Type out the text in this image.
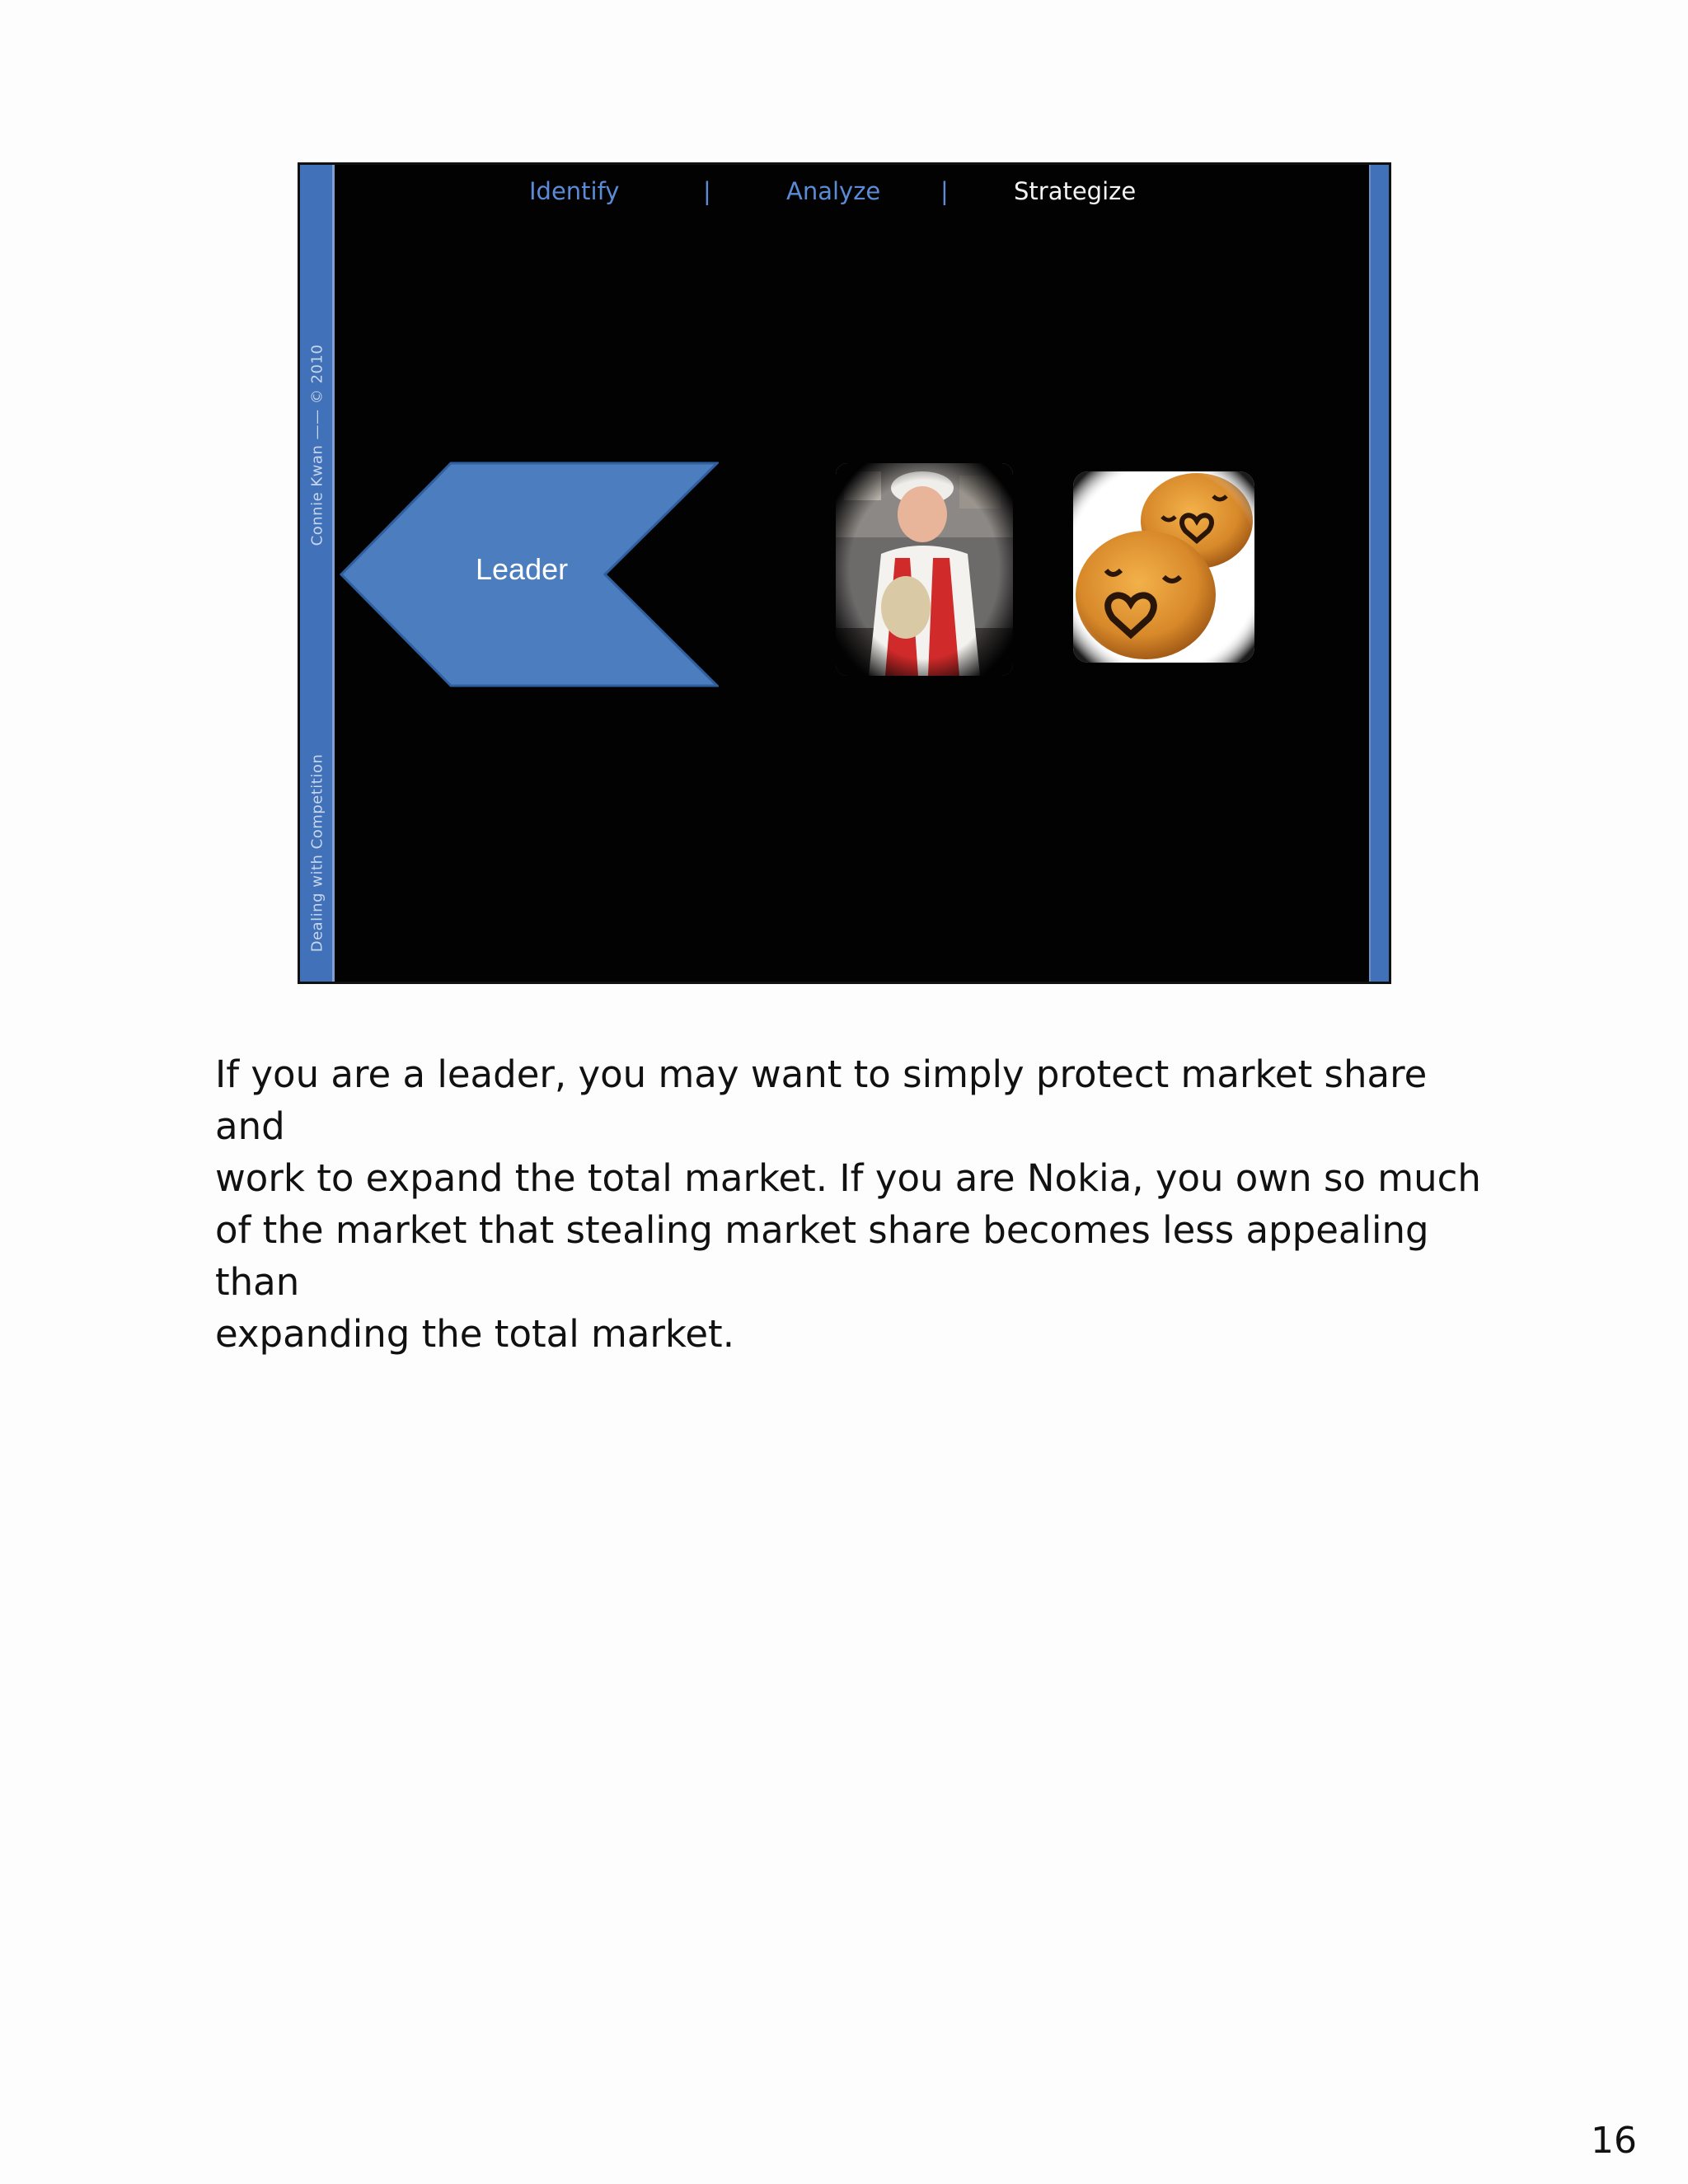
Connie Kwan —— © 2010
Dealing with Competition
Identify	|	Analyze	|	Strategize
Leader
If you are a leader, you may want to simply protect market share and
work to expand the total market. If you are Nokia, you own so much
of the market that stealing market share becomes less appealing than
expanding the total market.
16
